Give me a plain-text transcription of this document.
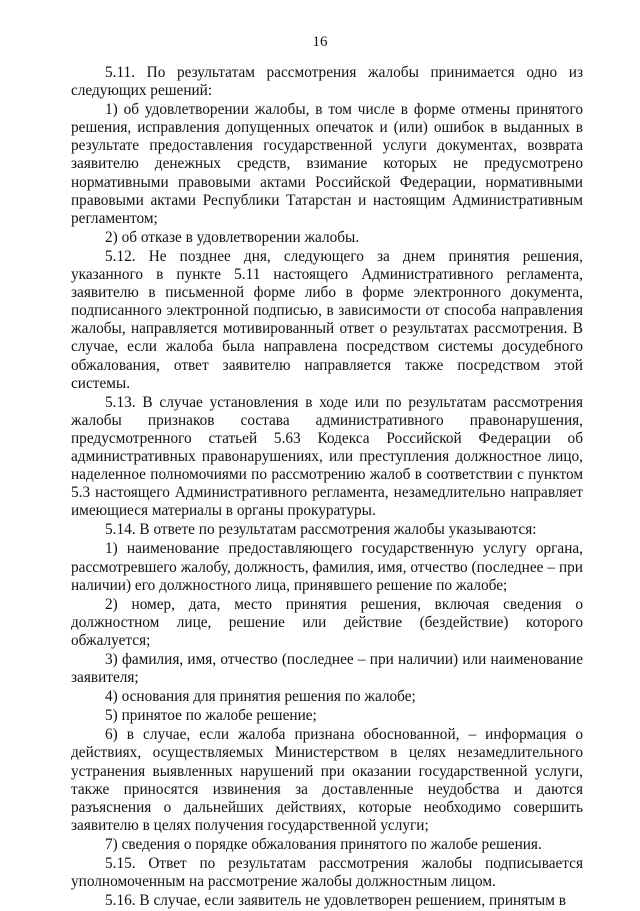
16

5.11. По результатам рассмотрения жалобы принимается одно из следующих решений:

1) об удовлетворении жалобы, в том числе в форме отмены принятого решения, исправления допущенных опечаток и (или) ошибок в выданных в результате предоставления государственной услуги документах, возврата заявителю денежных средств, взимание которых не предусмотрено нормативными правовыми актами Российской Федерации, нормативными правовыми актами Республики Татарстан и настоящим Административным регламентом;

2) об отказе в удовлетворении жалобы.

5.12. Не позднее дня, следующего за днем принятия решения, указанного в пункте 5.11 настоящего Административного регламента, заявителю в письменной форме либо в форме электронного документа, подписанного электронной подписью, в зависимости от способа направления жалобы, направляется мотивированный ответ о результатах рассмотрения. В случае, если жалоба была направлена посредством системы досудебного обжалования, ответ заявителю направляется также посредством этой системы.

5.13. В случае установления в ходе или по результатам рассмотрения жалобы признаков состава административного правонарушения, предусмотренного статьей 5.63 Кодекса Российской Федерации об административных правонарушениях, или преступления должностное лицо, наделенное полномочиями по рассмотрению жалоб в соответствии с пунктом 5.3 настоящего Административного регламента, незамедлительно направляет имеющиеся материалы в органы прокуратуры.

5.14. В ответе по результатам рассмотрения жалобы указываются:

1) наименование предоставляющего государственную услугу органа, рассмотревшего жалобу, должность, фамилия, имя, отчество (последнее – при наличии) его должностного лица, принявшего решение по жалобе;

2) номер, дата, место принятия решения, включая сведения о должностном лице, решение или действие (бездействие) которого обжалуется;

3) фамилия, имя, отчество (последнее – при наличии) или наименование заявителя;

4) основания для принятия решения по жалобе;

5) принятое по жалобе решение;

6) в случае, если жалоба признана обоснованной, – информация о действиях, осуществляемых Министерством в целях незамедлительного устранения выявленных нарушений при оказании государственной услуги, также приносятся извинения за доставленные неудобства и даются разъяснения о дальнейших действиях, которые необходимо совершить заявителю в целях получения государственной услуги;

7) сведения о порядке обжалования принятого по жалобе решения.

5.15. Ответ по результатам рассмотрения жалобы подписывается уполномоченным на рассмотрение жалобы должностным лицом.

5.16. В случае, если заявитель не удовлетворен решением, принятым в
